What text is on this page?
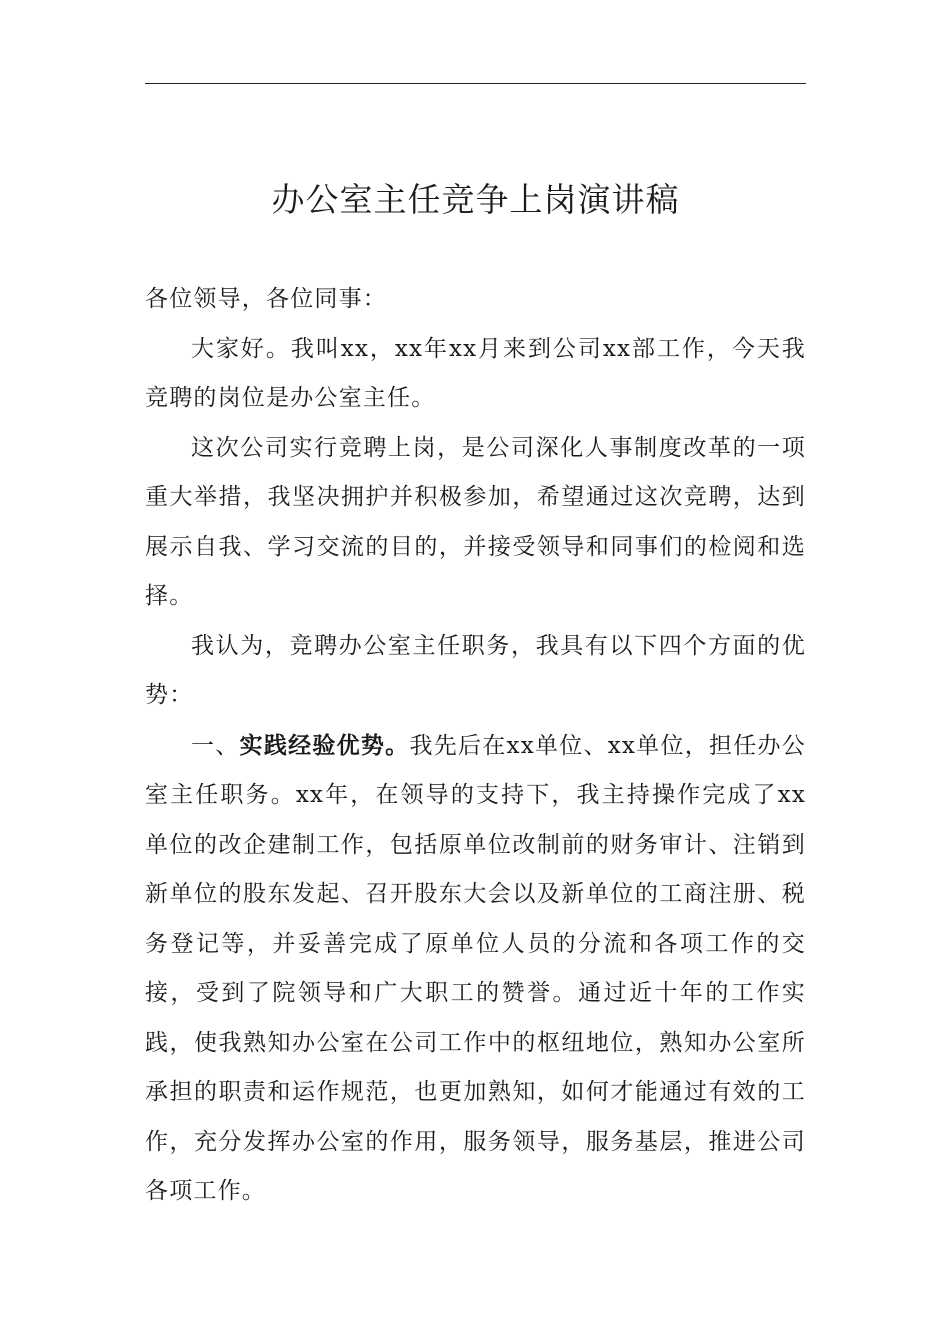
办公室主任竞争上岗演讲稿

各位领导，各位同事：

大家好。我叫xx，xx年xx月来到公司xx部工作，今天我竞聘的岗位是办公室主任。

这次公司实行竞聘上岗，是公司深化人事制度改革的一项重大举措，我坚决拥护并积极参加，希望通过这次竞聘，达到展示自我、学习交流的目的，并接受领导和同事们的检阅和选择。

我认为，竞聘办公室主任职务，我具有以下四个方面的优势：

一、实践经验优势。我先后在xx单位、xx单位，担任办公室主任职务。xx年，在领导的支持下，我主持操作完成了xx单位的改企建制工作，包括原单位改制前的财务审计、注销到新单位的股东发起、召开股东大会以及新单位的工商注册、税务登记等，并妥善完成了原单位人员的分流和各项工作的交接，受到了院领导和广大职工的赞誉。通过近十年的工作实践，使我熟知办公室在公司工作中的枢纽地位，熟知办公室所承担的职责和运作规范，也更加熟知，如何才能通过有效的工作，充分发挥办公室的作用，服务领导，服务基层，推进公司各项工作。
